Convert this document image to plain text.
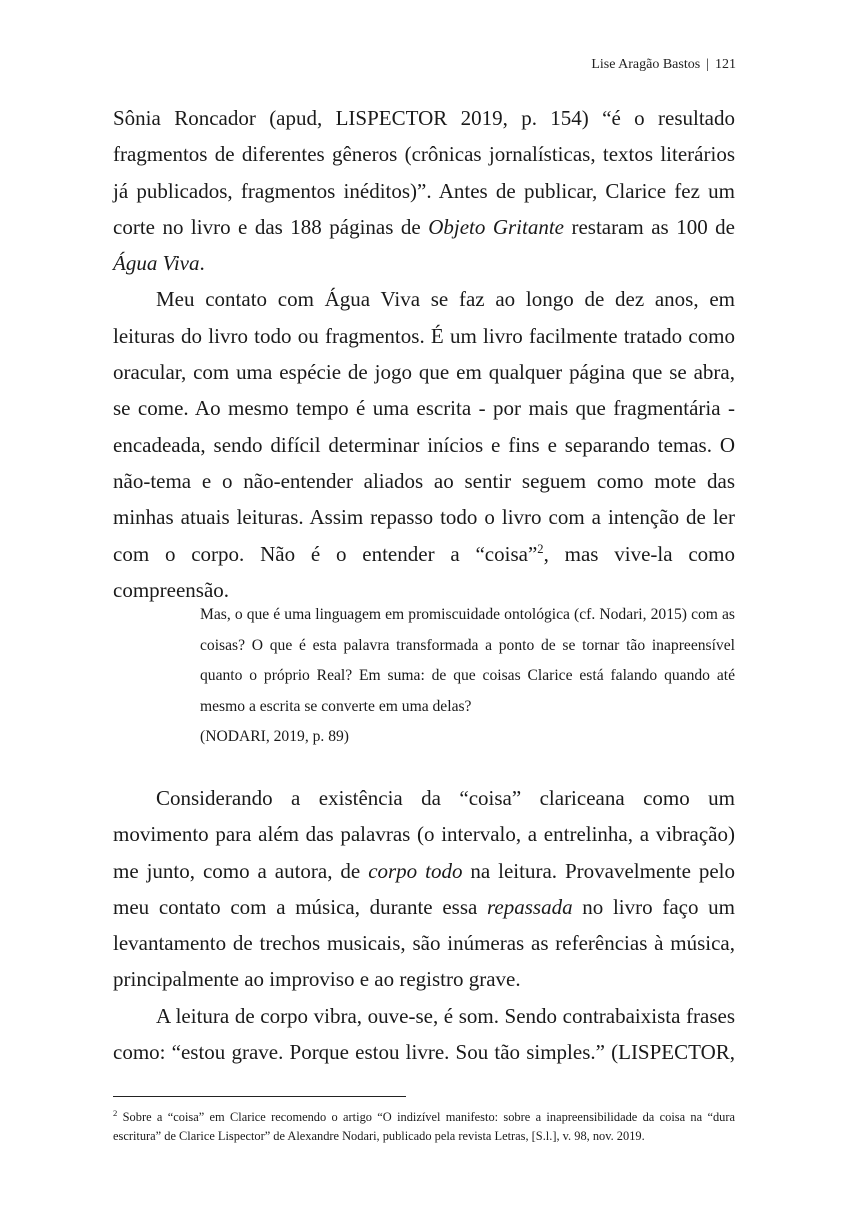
Lise Aragão Bastos | 121

Sônia Roncador (apud, LISPECTOR 2019, p. 154) “é o resultado fragmentos de diferentes gêneros (crônicas jornalísticas, textos literários já publicados, fragmentos inéditos)”. Antes de publicar, Clarice fez um corte no livro e das 188 páginas de Objeto Gritante restaram as 100 de Água Viva.

Meu contato com Água Viva se faz ao longo de dez anos, em leituras do livro todo ou fragmentos. É um livro facilmente tratado como oracular, com uma espécie de jogo que em qualquer página que se abra, se come. Ao mesmo tempo é uma escrita - por mais que fragmentária - encadeada, sendo difícil determinar inícios e fins e separando temas. O não-tema e o não-entender aliados ao sentir seguem como mote das minhas atuais leituras. Assim repasso todo o livro com a intenção de ler com o corpo. Não é o entender a “coisa”$^2$, mas vive-la como compreensão.

Mas, o que é uma linguagem em promiscuidade ontológica (cf. Nodari, 2015) com as coisas? O que é esta palavra transformada a ponto de se tornar tão inapreensível quanto o próprio Real? Em suma: de que coisas Clarice está falando quando até mesmo a escrita se converte em uma delas?

(NODARI, 2019, p. 89)

Considerando a existência da “coisa” clariceana como um movimento para além das palavras (o intervalo, a entrelinha, a vibração) me junto, como a autora, de corpo todo na leitura. Provavelmente pelo meu contato com a música, durante essa repassada no livro faço um levantamento de trechos musicais, são inúmeras as referências à música, principalmente ao improviso e ao registro grave.

A leitura de corpo vibra, ouve-se, é som. Sendo contrabaixista frases como: “estou grave. Porque estou livre. Sou tão simples.” (LISPECTOR,

$^2$ Sobre a “coisa” em Clarice recomendo o artigo “O indizível manifesto: sobre a inapreensibilidade da coisa na “dura escritura” de Clarice Lispector” de Alexandre Nodari, publicado pela revista Letras, [S.l.], v. 98, nov. 2019.
